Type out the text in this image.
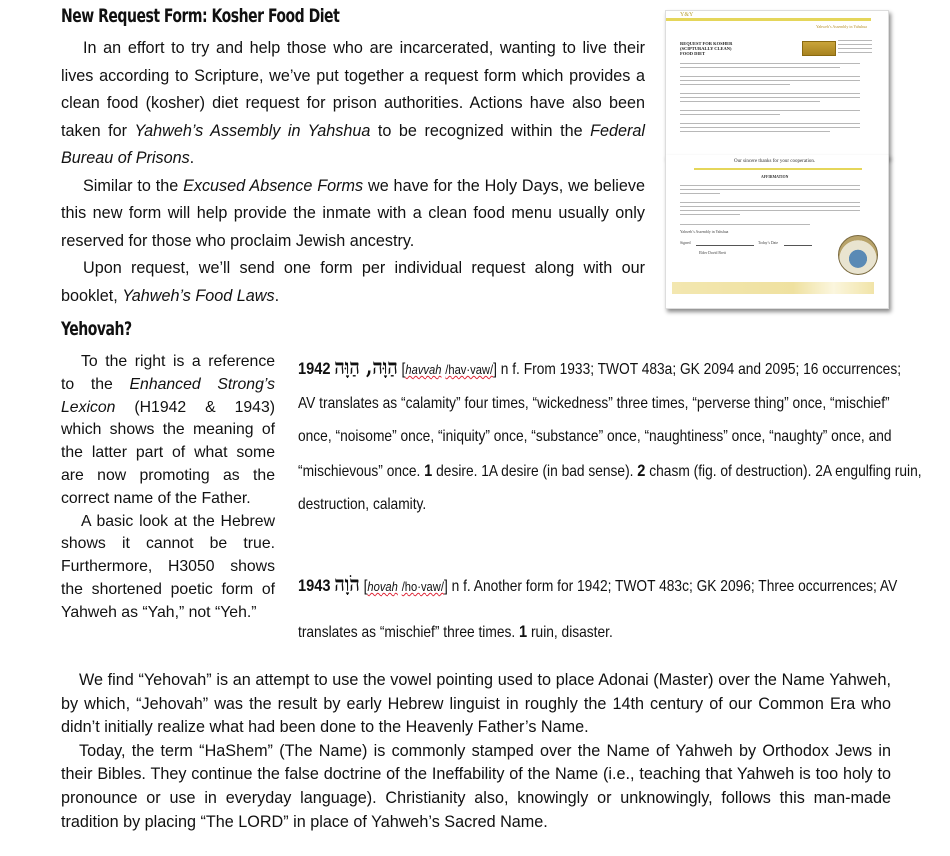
New Request Form: Kosher Food Diet

In an effort to try and help those who are incarcerated, wanting to live their lives according to Scripture, we’ve put together a request form which provides a clean food (kosher) diet request for prison authorities. Actions have also been taken for Yahweh’s Assembly in Yahshua to be recognized within the Federal Bureau of Prisons.

Similar to the Excused Absence Forms we have for the Holy Days, we believe this new form will help provide the inmate with a clean food menu usually only reserved for those who proclaim Jewish ancestry.

Upon request, we’ll send one form per individual request along with our booklet, Yahweh’s Food Laws.

Y&Y
Yahweh’s Assembly in Yahshua
REQUEST FOR KOSHER
(SCIPTURALLY CLEAN)
FOOD DIET
Our sincere thanks for your cooperation.
AFFIRMATION
Yahweh’s Assembly in Yahshua
Signed	Today’s Date
Elder David Brett
Yehovah?

To the right is a reference to the Enhanced Strong’s Lexicon (H1942 & 1943) which shows the meaning of the latter part of what some are now promoting as the correct name of the Father.

A basic look at the Hebrew shows it cannot be true. Furthermore, H3050 shows the shortened poetic form of Yahweh as “Yah,” not “Yeh.”

1942 הַוָּה, הַוָּה [havvah /hav·vaw/] n f. From 1933; TWOT 483a; GK 2094 and 2095; 16 occurrences;
AV translates as “calamity” four times, “wickedness” three times, “perverse thing” once, “mischief”
once, “noisome” once, “iniquity” once, “substance” once, “naughtiness” once, “naughty” once, and
“mischievous” once. 1 desire. 1A desire (in bad sense). 2 chasm (fig. of destruction). 2A engulfing ruin,
destruction, calamity.
1943 הֹוָה [hovah /ho·vaw/] n f. Another form for 1942; TWOT 483c; GK 2096; Three occurrences; AV
translates as “mischief” three times. 1 ruin, disaster.

We find “Yehovah” is an attempt to use the vowel pointing used to place Adonai (Master) over the Name Yahweh, by which, “Jehovah” was the result by early Hebrew linguist in roughly the 14th century of our Common Era who didn’t initially realize what had been done to the Heavenly Father’s Name.

Today, the term “HaShem” (The Name) is commonly stamped over the Name of Yahweh by Orthodox Jews in their Bibles. They continue the false doctrine of the Ineffability of the Name (i.e., teaching that Yahweh is too holy to pronounce or use in everyday language). Christianity also, knowingly or unknowingly, follows this man-made tradition by placing “The LORD” in place of Yahweh’s Sacred Name.
